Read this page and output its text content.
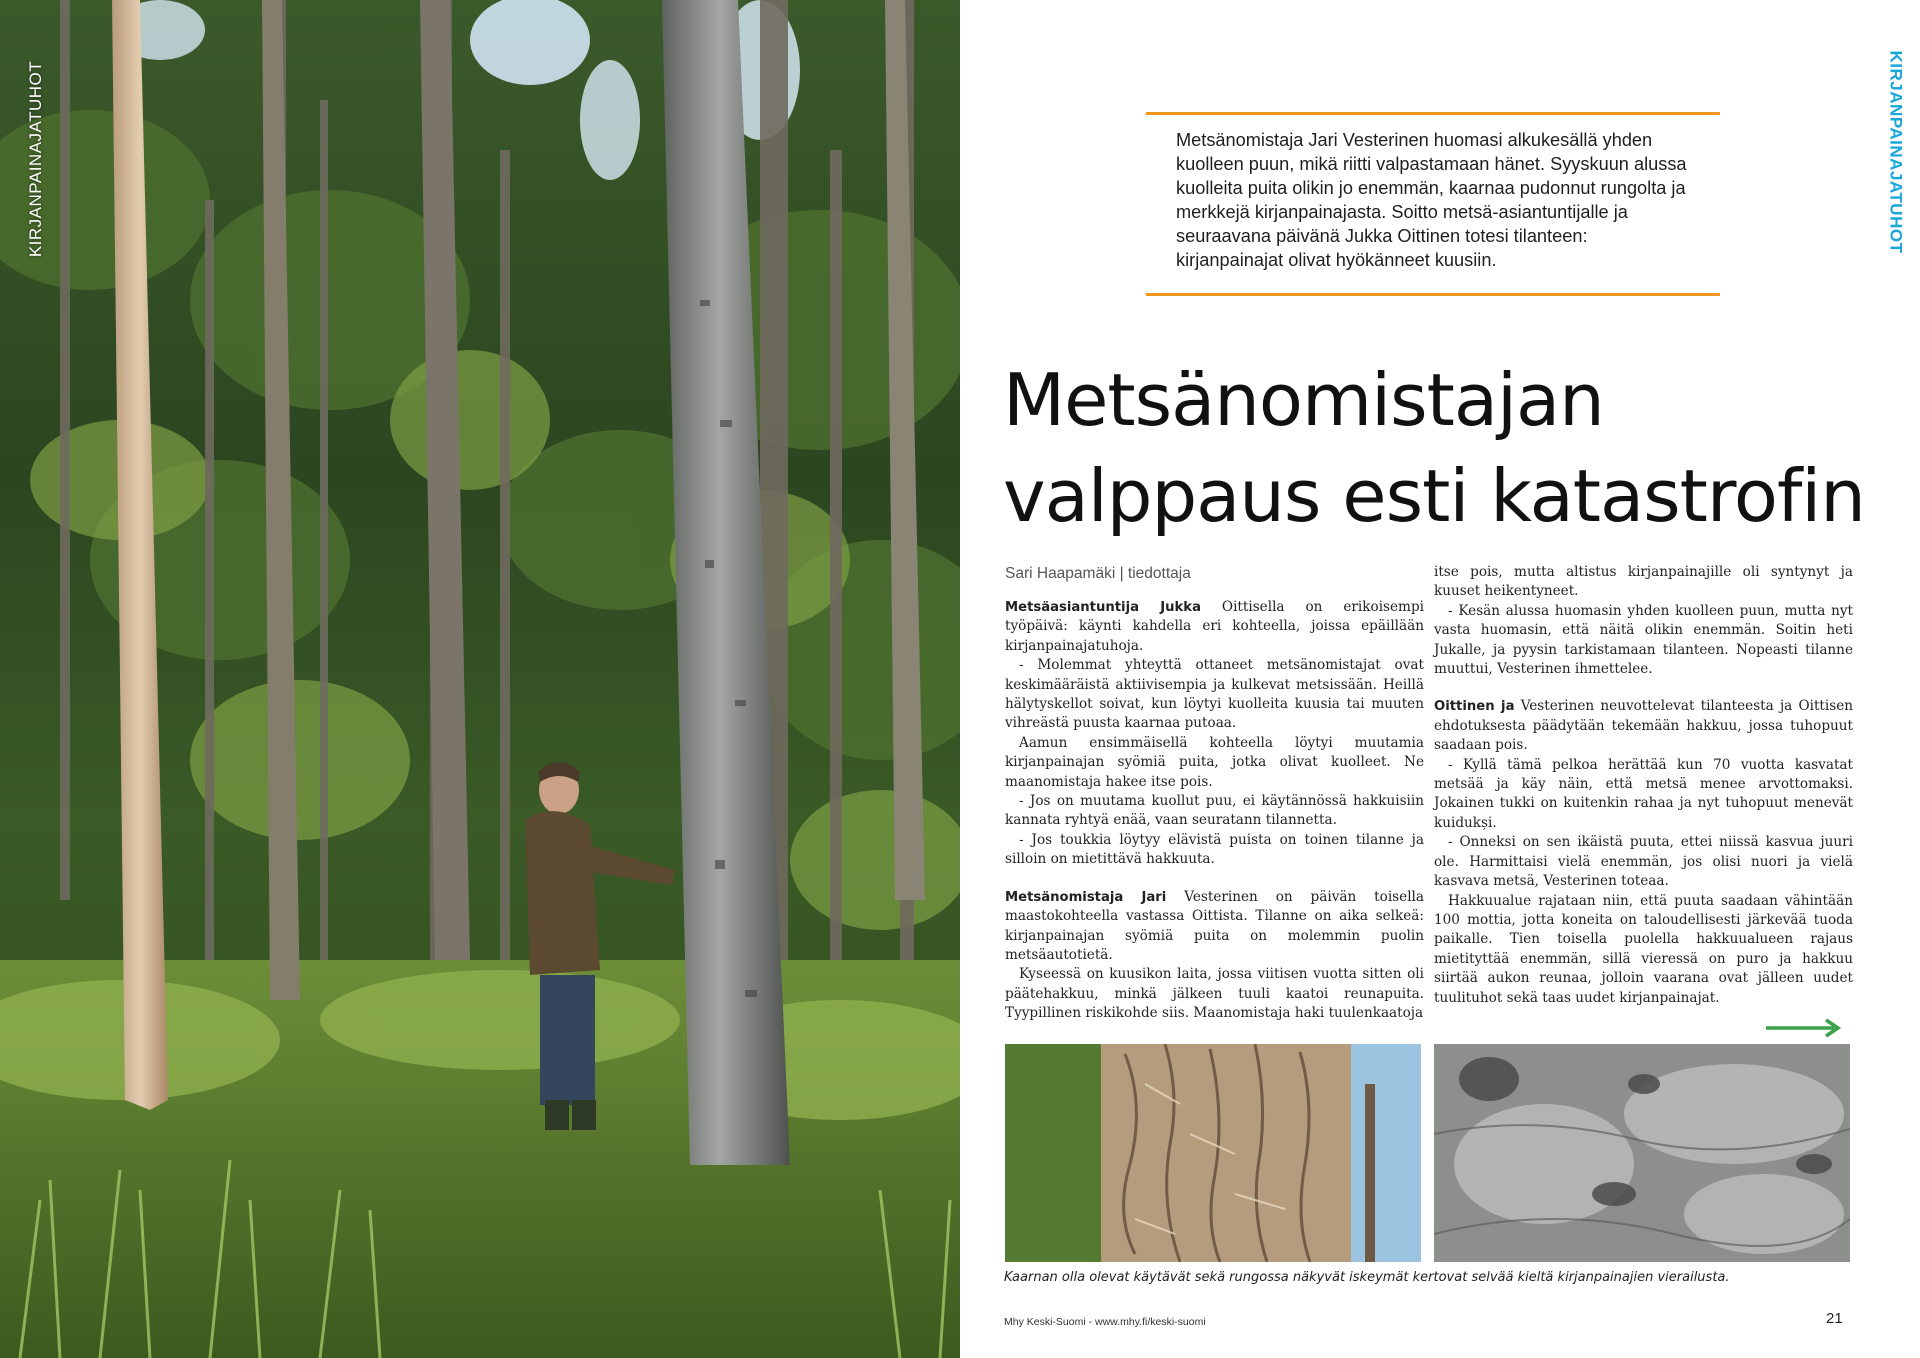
KIRJANPAINAJATUHOT	KIRJANPAINAJATUHOT
Metsänomistaja Jari Vesterinen huomasi alkukesällä yhden kuolleen puun, mikä riitti valpastamaan hänet. Syyskuun alussa kuolleita puita olikin jo enemmän, kaarnaa pudonnut rungolta ja merkkejä kirjanpainajasta. Soitto metsä-asiantuntijalle ja seuraavana päivänä Jukka Oittinen totesi tilanteen: kirjanpainajat olivat hyökänneet kuusiin.
Metsänomistajan
valppaus esti katastrofin
Sari Haapamäki | tiedottaja

Metsäasiantuntija Jukka Oittisella on erikoisempi työpäivä: käynti kahdella eri kohteella, joissa epäillään kirjanpainajatuhoja.

- Molemmat yhteyttä ottaneet metsänomistajat ovat keskimääräistä aktiivisempia ja kulkevat metsissään. Heillä hälytyskellot soivat, kun löytyi kuolleita kuusia tai muuten vihreästä puusta kaarnaa putoaa.

Aamun ensimmäisellä kohteella löytyi muutamia kirjanpainajan syömiä puita, jotka olivat kuolleet. Ne maanomistaja hakee itse pois.

- Jos on muutama kuollut puu, ei käytännössä hakkuisiin kannata ryhtyä enää, vaan seuratann tilannetta.

- Jos toukkia löytyy elävistä puista on toinen tilanne ja silloin on mietittävä hakkuuta.

Metsänomistaja Jari Vesterinen on päivän toisella maastokohteella vastassa Oittista. Tilanne on aika selkeä: kirjanpainajan syömiä puita on molemmin puolin metsäautotietä.

Kyseessä on kuusikon laita, jossa viitisen vuotta sitten oli päätehakkuu, minkä jälkeen tuuli kaatoi reunapuita. Tyypillinen riskikohde siis. Maanomistaja haki tuulenkaatoja

itse pois, mutta altistus kirjanpainajille oli syntynyt ja kuuset heikentyneet.

- Kesän alussa huomasin yhden kuolleen puun, mutta nyt vasta huomasin, että näitä olikin enemmän. Soitin heti Jukalle, ja pyysin tarkistamaan tilanteen. Nopeasti tilanne muuttui, Vesterinen ihmettelee.

Oittinen ja Vesterinen neuvottelevat tilanteesta ja Oittisen ehdotuksesta päädytään tekemään hakkuu, jossa tuhopuut saadaan pois.

- Kyllä tämä pelkoa herättää kun 70 vuotta kasvatat metsää ja käy näin, että metsä menee arvottomaksi. Jokainen tukki on kuitenkin rahaa ja nyt tuhopuut menevät kuidukși.

- Onneksi on sen ikäistä puuta, ettei niissä kasvua juuri ole. Harmittaisi vielä enemmän, jos olisi nuori ja vielä kasvava metsä, Vesterinen toteaa.

Hakkuualue rajataan niin, että puuta saadaan vähintään 100 mottia, jotta koneita on taloudellisesti järkevää tuoda paikalle. Tien toisella puolella hakkuualueen rajaus mietityttää enemmän, sillä vieressä on puro ja hakkuu siirtää aukon reunaa, jolloin vaarana ovat jälleen uudet tuulituhot sekä taas uudet kirjanpainajat.

Kaarnan olla olevat käytävät sekä rungossa näkyvät iskeymät kertovat selvää kieltä kirjanpainajien vierailusta.
Mhy Keski-Suomi - www.mhy.fi/keski-suomi	21
